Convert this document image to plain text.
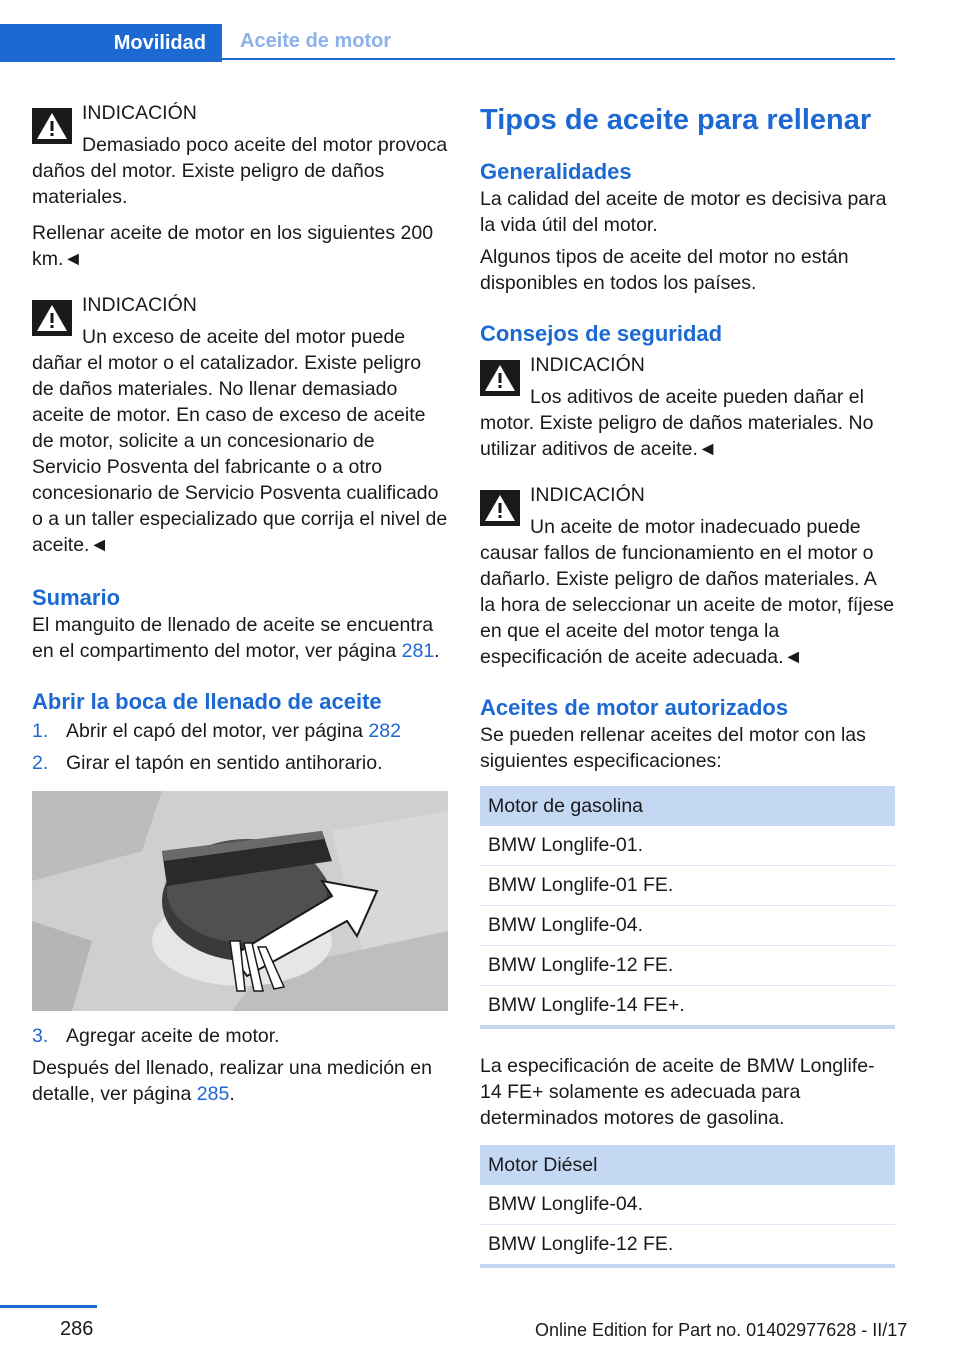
Movilidad	Aceite de motor

INDICACIÓN

Demasiado poco aceite del motor provoca daños del motor. Existe peligro de daños materiales.

Rellenar aceite de motor en los siguientes 200 km.◄

INDICACIÓN

Un exceso de aceite del motor puede dañar el motor o el catalizador. Existe peligro de daños materiales. No llenar demasiado aceite de motor. En caso de exceso de aceite de motor, solicite a un concesionario de Servicio Posventa del fabricante o a otro concesionario de Servicio Posventa cualificado o a un taller especializado que corrija el nivel de aceite.◄

Sumario

El manguito de llenado de aceite se encuentra en el compartimento del motor, ver página 281.

Abrir la boca de llenado de aceite

1. Abrir el capó del motor, ver página 282
2. Girar el tapón en sentido antihorario.
3. Agregar aceite de motor.

Después del llenado, realizar una medición en detalle, ver página 285.

Tipos de aceite para rellenar

Generalidades

La calidad del aceite de motor es decisiva para la vida útil del motor.

Algunos tipos de aceite del motor no están disponibles en todos los países.

Consejos de seguridad

INDICACIÓN

Los aditivos de aceite pueden dañar el motor. Existe peligro de daños materiales. No utilizar aditivos de aceite.◄

INDICACIÓN

Un aceite de motor inadecuado puede causar fallos de funcionamiento en el motor o dañarlo. Existe peligro de daños materiales. A la hora de seleccionar un aceite de motor, fíjese en que el aceite del motor tenga la especificación de aceite adecuada.◄

Aceites de motor autorizados

Se pueden rellenar aceites del motor con las siguientes especificaciones:

Motor de gasolina
BMW Longlife-01.
BMW Longlife-01 FE.
BMW Longlife-04.
BMW Longlife-12 FE.
BMW Longlife-14 FE+.

La especificación de aceite de BMW Longlife-14 FE+ solamente es adecuada para determinados motores de gasolina.

Motor Diésel
BMW Longlife-04.
BMW Longlife-12 FE.
286	Online Edition for Part no. 01402977628 - II/17
